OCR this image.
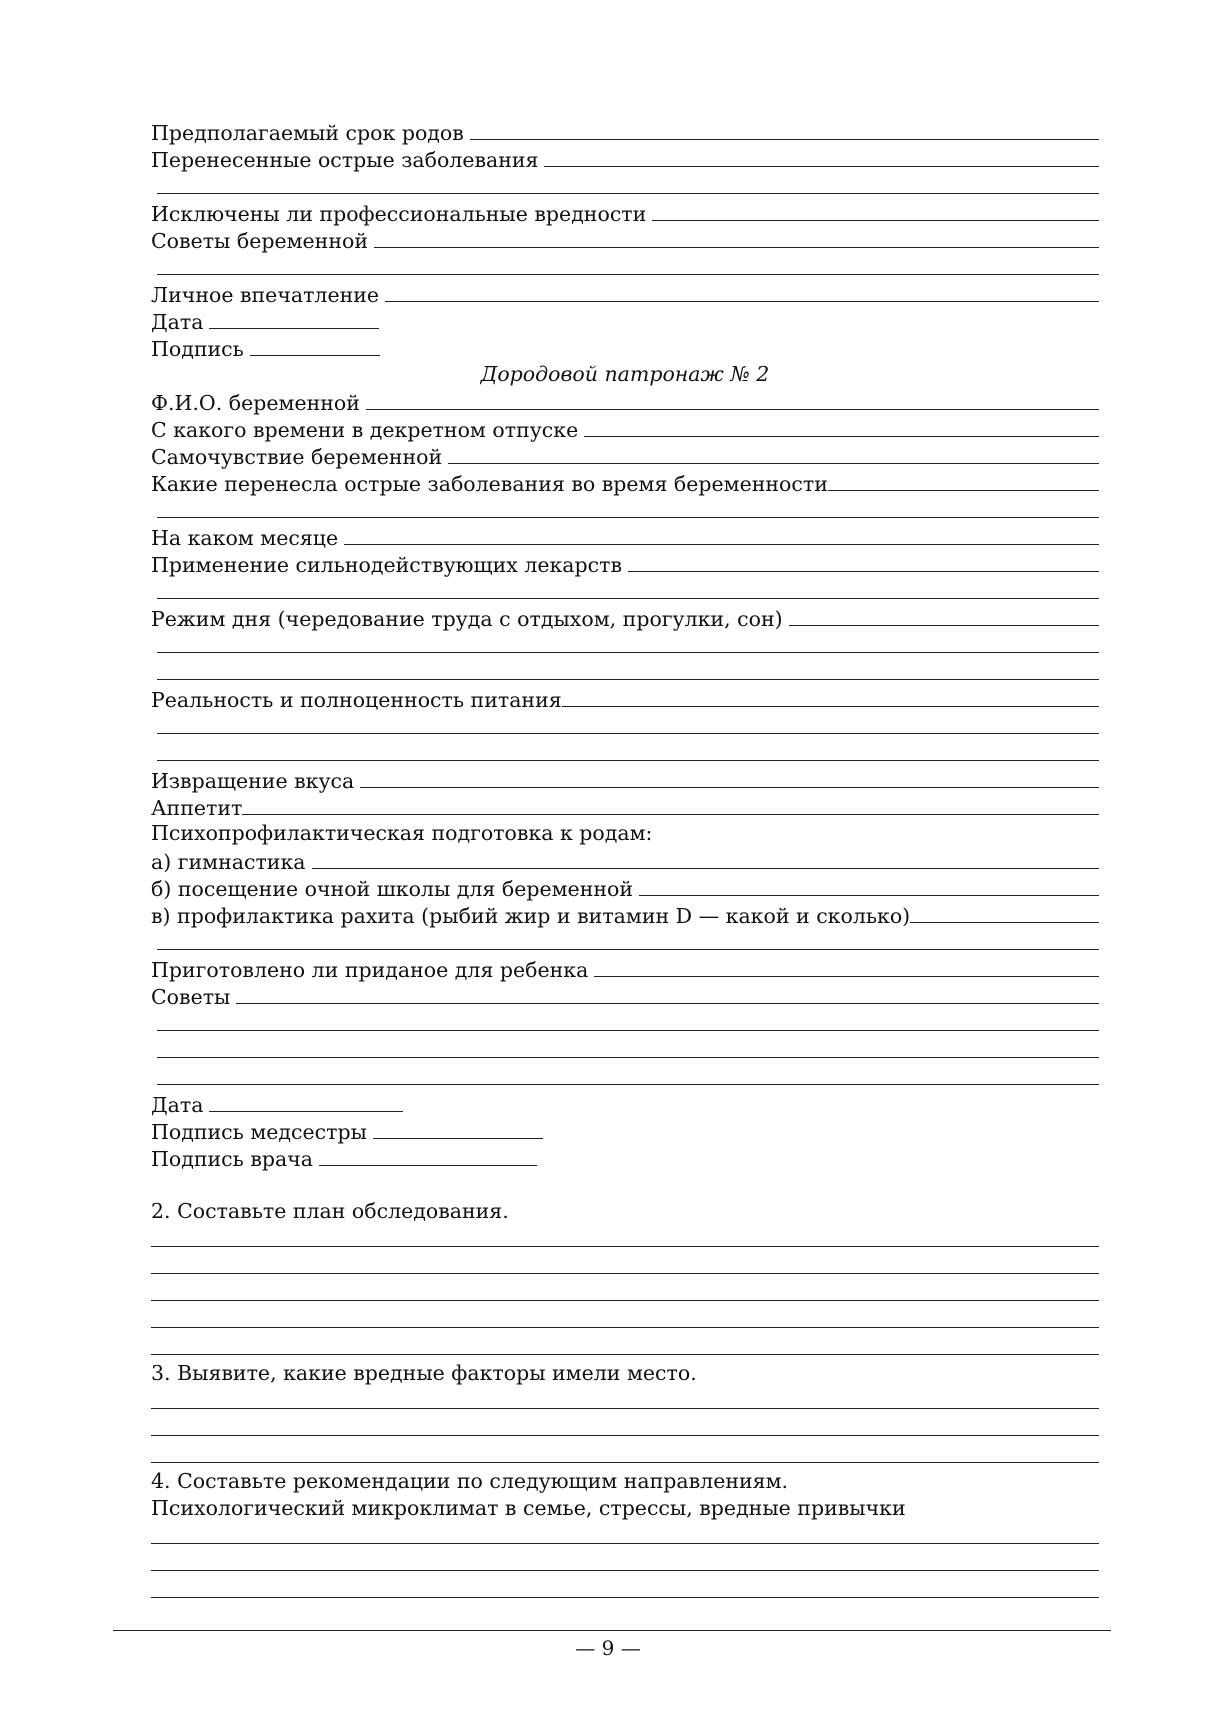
Предполагаемый срок родов
Перенесенные острые заболевания
Исключены ли профессиональные вредности
Советы беременной
Личное впечатление
Дата
Подпись
Дородовой патронаж № 2
Ф.И.О. беременной
С какого времени в декретном отпуске
Самочувствие беременной
Какие перенесла острые заболевания во время беременности
На каком месяце
Применение сильнодействующих лекарств
Режим дня (чередование труда с отдыхом, прогулки, сон)
Реальность и полноценность питания
Извращение вкуса
Аппетит
Психопрофилактическая подготовка к родам:
а) гимнастика
б) посещение очной школы для беременной
в) профилактика рахита (рыбий жир и витамин D — какой и сколько)
Приготовлено ли приданое для ребенка
Советы
Дата
Подпись медсестры
Подпись врача
2. Составьте план обследования.
3. Выявите, какие вредные факторы имели место.
4. Составьте рекомендации по следующим направлениям.
Психологический микроклимат в семье, стрессы, вредные привычки
— 9 —
